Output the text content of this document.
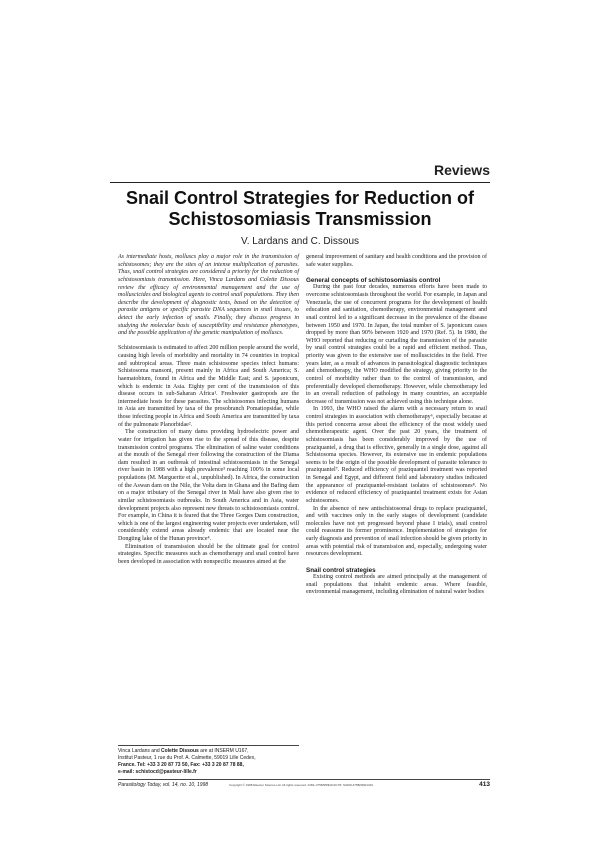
Reviews
Snail Control Strategies for Reduction of
Schistosomiasis Transmission
V. Lardans and C. Dissous

As intermediate hosts, molluscs play a major role in the transmission of schistosomes; they are the sites of an intense multiplication of parasites. Thus, snail control strategies are considered a priority for the reduction of schistosomiasis transmission. Here, Vinca Lardans and Colette Dissous review the efficacy of environmental management and the use of molluscicides and biological agents to control snail populations. They then describe the development of diagnostic tests, based on the detection of parasite antigens or specific parasite DNA sequences in snail tissues, to detect the early infection of snails. Finally, they discuss progress in studying the molecular basis of susceptibility and resistance phenotypes, and the possible application of the genetic manipulation of molluscs.

Schistosomiasis is estimated to affect 200 million people around the world, causing high levels of morbidity and mortality in 74 countries in tropical and subtropical areas. Three main schistosome species infect humans: Schistosoma mansoni, present mainly in Africa and South America; S. haematobium, found in Africa and the Middle East; and S. japonicum, which is endemic in Asia. Eighty per cent of the transmission of this disease occurs in sub-Saharan Africa¹. Freshwater gastropods are the intermediate hosts for these parasites. The schistosomes infecting humans in Asia are transmitted by taxa of the prosobranch Pomatiopsidae, while those infecting people in Africa and South America are transmitted by taxa of the pulmonate Planorbidae².

The construction of many dams providing hydroelectric power and water for irrigation has given rise to the spread of this disease, despite transmission control programs. The elimination of saline water conditions at the mouth of the Senegal river following the construction of the Diama dam resulted in an outbreak of intestinal schistosomiasis in the Senegal river basin in 1988 with a high prevalence³ reaching 100% in some local populations (M. Marguerite et al., unpublished). In Africa, the construction of the Aswan dam on the Nile, the Volta dam in Ghana and the Bafing dam on a major tributary of the Senegal river in Mali have also given rise to similar schistosomiasis outbreaks. In South America and in Asia, water development projects also represent new threats to schistosomiasis control. For example, in China it is feared that the Three Gorges Dam construction, which is one of the largest engineering water projects ever undertaken, will considerably extend areas already endemic that are located near the Dongting lake of the Hunan province⁴.

Elimination of transmission should be the ultimate goal for control strategies. Specific measures such as chemotherapy and snail control have been developed in association with nonspecific measures aimed at the

general improvement of sanitary and health conditions and the provision of safe water supplies.

General concepts of schistosomiasis control

During the past four decades, numerous efforts have been made to overcome schistosomiasis throughout the world. For example, in Japan and Venezuela, the use of concurrent programs for the development of health education and sanitation, chemotherapy, environmental management and snail control led to a significant decrease in the prevalence of the disease between 1950 and 1970. In Japan, the total number of S. japonicum cases dropped by more than 90% between 1920 and 1970 (Ref. 5). In 1980, the WHO reported that reducing or curtailing the transmission of the parasite by snail control strategies could be a rapid and efficient method. Thus, priority was given to the extensive use of molluscicides in the field. Five years later, as a result of advances in parasitological diagnostic techniques and chemotherapy, the WHO modified the strategy, giving priority to the control of morbidity rather than to the control of transmission, and preferentially developed chemotherapy. However, while chemotherapy led to an overall reduction of pathology in many countries, an acceptable decrease of transmission was not achieved using this technique alone.

In 1993, the WHO raised the alarm with a necessary return to snail control strategies in association with chemotherapy⁶, especially because at this period concerns arose about the efficiency of the most widely used chemotherapeutic agent. Over the past 20 years, the treatment of schistosomiasis has been considerably improved by the use of praziquantel, a drug that is effective, generally in a single dose, against all Schistosoma species. However, its extensive use in endemic populations seems to be the origin of the possible development of parasite tolerance to praziquantel⁷. Reduced efficiency of praziquantel treatment was reported in Senegal and Egypt, and different field and laboratory studies indicated the appearance of praziquantel-resistant isolates of schistosomes⁸. No evidence of reduced efficiency of praziquantel treatment exists for Asian schistosomes.

In the absence of new antischistosomal drugs to replace praziquantel, and with vaccines only in the early stages of development (candidate molecules have not yet progressed beyond phase I trials), snail control could reassume its former prominence. Implementation of strategies for early diagnosis and prevention of snail infection should be given priority in areas with potential risk of transmission and, especially, undergoing water resources development.

Snail control strategies

Existing control methods are aimed principally at the management of snail populations that inhabit endemic areas. Where feasible, environmental management, including elimination of natural water bodies

Vinca Lardans and Colette Dissous are at INSERM U167,
Institut Pasteur, 1 rue du Prof. A. Calmette, 59019 Lille Cedex,
France. Tel: +33 3 20 87 73 50, Fax: +33 3 20 87 78 88,
e-mail: schistocd@pasteur-lille.fr
Parasitology Today, vol. 14, no. 10, 1998	Copyright © 1998 Elsevier Science Ltd. All rights reserved. 0169–4758/98/$19.00 PII: S0169-4758(98)01319	413
